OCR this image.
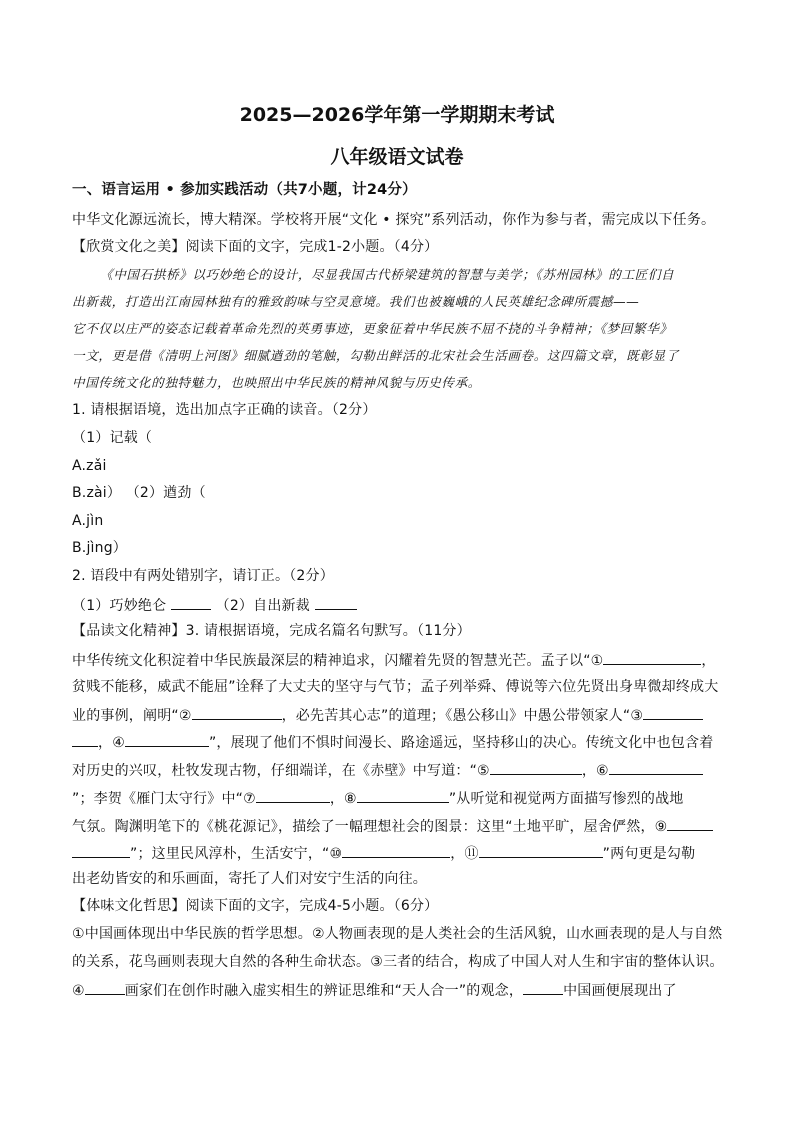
2025—2026学年第一学期期末考试
八年级语文试卷
一、语言运用 • 参加实践活动（共7小题，计24分）
中华文化源远流长，博大精深。学校将开展“文化 • 探究”系列活动，你作为参与者，需完成以下任务。
【欣赏文化之美】阅读下面的文字，完成1-2小题。（4分）
《中国石拱桥》以巧妙绝仑的设计，尽显我国古代桥梁建筑的智慧与美学；《苏州园林》的工匠们自
出新裁，打造出江南园林独有的雅致韵味与空灵意境。我们也被巍峨的人民英雄纪念碑所震撼——
它不仅以庄严的姿态记载着革命先烈的英勇事迹，更象征着中华民族不屈不挠的斗争精神；《梦回繁华》
一文，更是借《清明上河图》细腻遒劲的笔触，勾勒出鲜活的北宋社会生活画卷。这四篇文章，既彰显了
中国传统文化的独特魅力，也映照出中华民族的精神风貌与历史传承。
1. 请根据语境，选出加点字正确的读音。（2分）
（1）记载（
A.zǎi
B.zài） （2）遒劲（
A.jìn
B.jìng）
2. 语段中有两处错别字，请订正。（2分）
（1）巧妙绝仑	（2）自出新裁
【品读文化精神】3. 请根据语境，完成名篇名句默写。（11分）
中华传统文化积淀着中华民族最深层的精神追求，闪耀着先贤的智慧光芒。孟子以“①	，
贫贱不能移，威武不能屈”诠释了大丈夫的坚守与气节；孟子列举舜、傅说等六位先贤出身卑微却终成大
业的事例，阐明“②	，必先苦其心志”的道理；《愚公移山》中愚公带领家人“③
，④	”，展现了他们不惧时间漫长、路途遥远，坚持移山的决心。传统文化中也包含着
对历史的兴叹，杜牧发现古物，仔细端详，在《赤壁》中写道：“⑤	，⑥
”；李贺《雁门太守行》中“⑦	，⑧	”从听觉和视觉两方面描写惨烈的战地
气氛。陶渊明笔下的《桃花源记》，描绘了一幅理想社会的图景：这里“土地平旷，屋舍俨然，⑨
”；这里民风淳朴，生活安宁，“⑩	，⑪	”两句更是勾勒
出老幼皆安的和乐画面，寄托了人们对安宁生活的向往。
【体味文化哲思】阅读下面的文字，完成4-5小题。（6分）
①中国画体现出中华民族的哲学思想。②人物画表现的是人类社会的生活风貌，山水画表现的是人与自然
的关系，花鸟画则表现大自然的各种生命状态。③三者的结合，构成了中国人对人生和宇宙的整体认识。
④	画家们在创作时融入虚实相生的辨证思维和“天人合一”的观念，	中国画便展现出了
